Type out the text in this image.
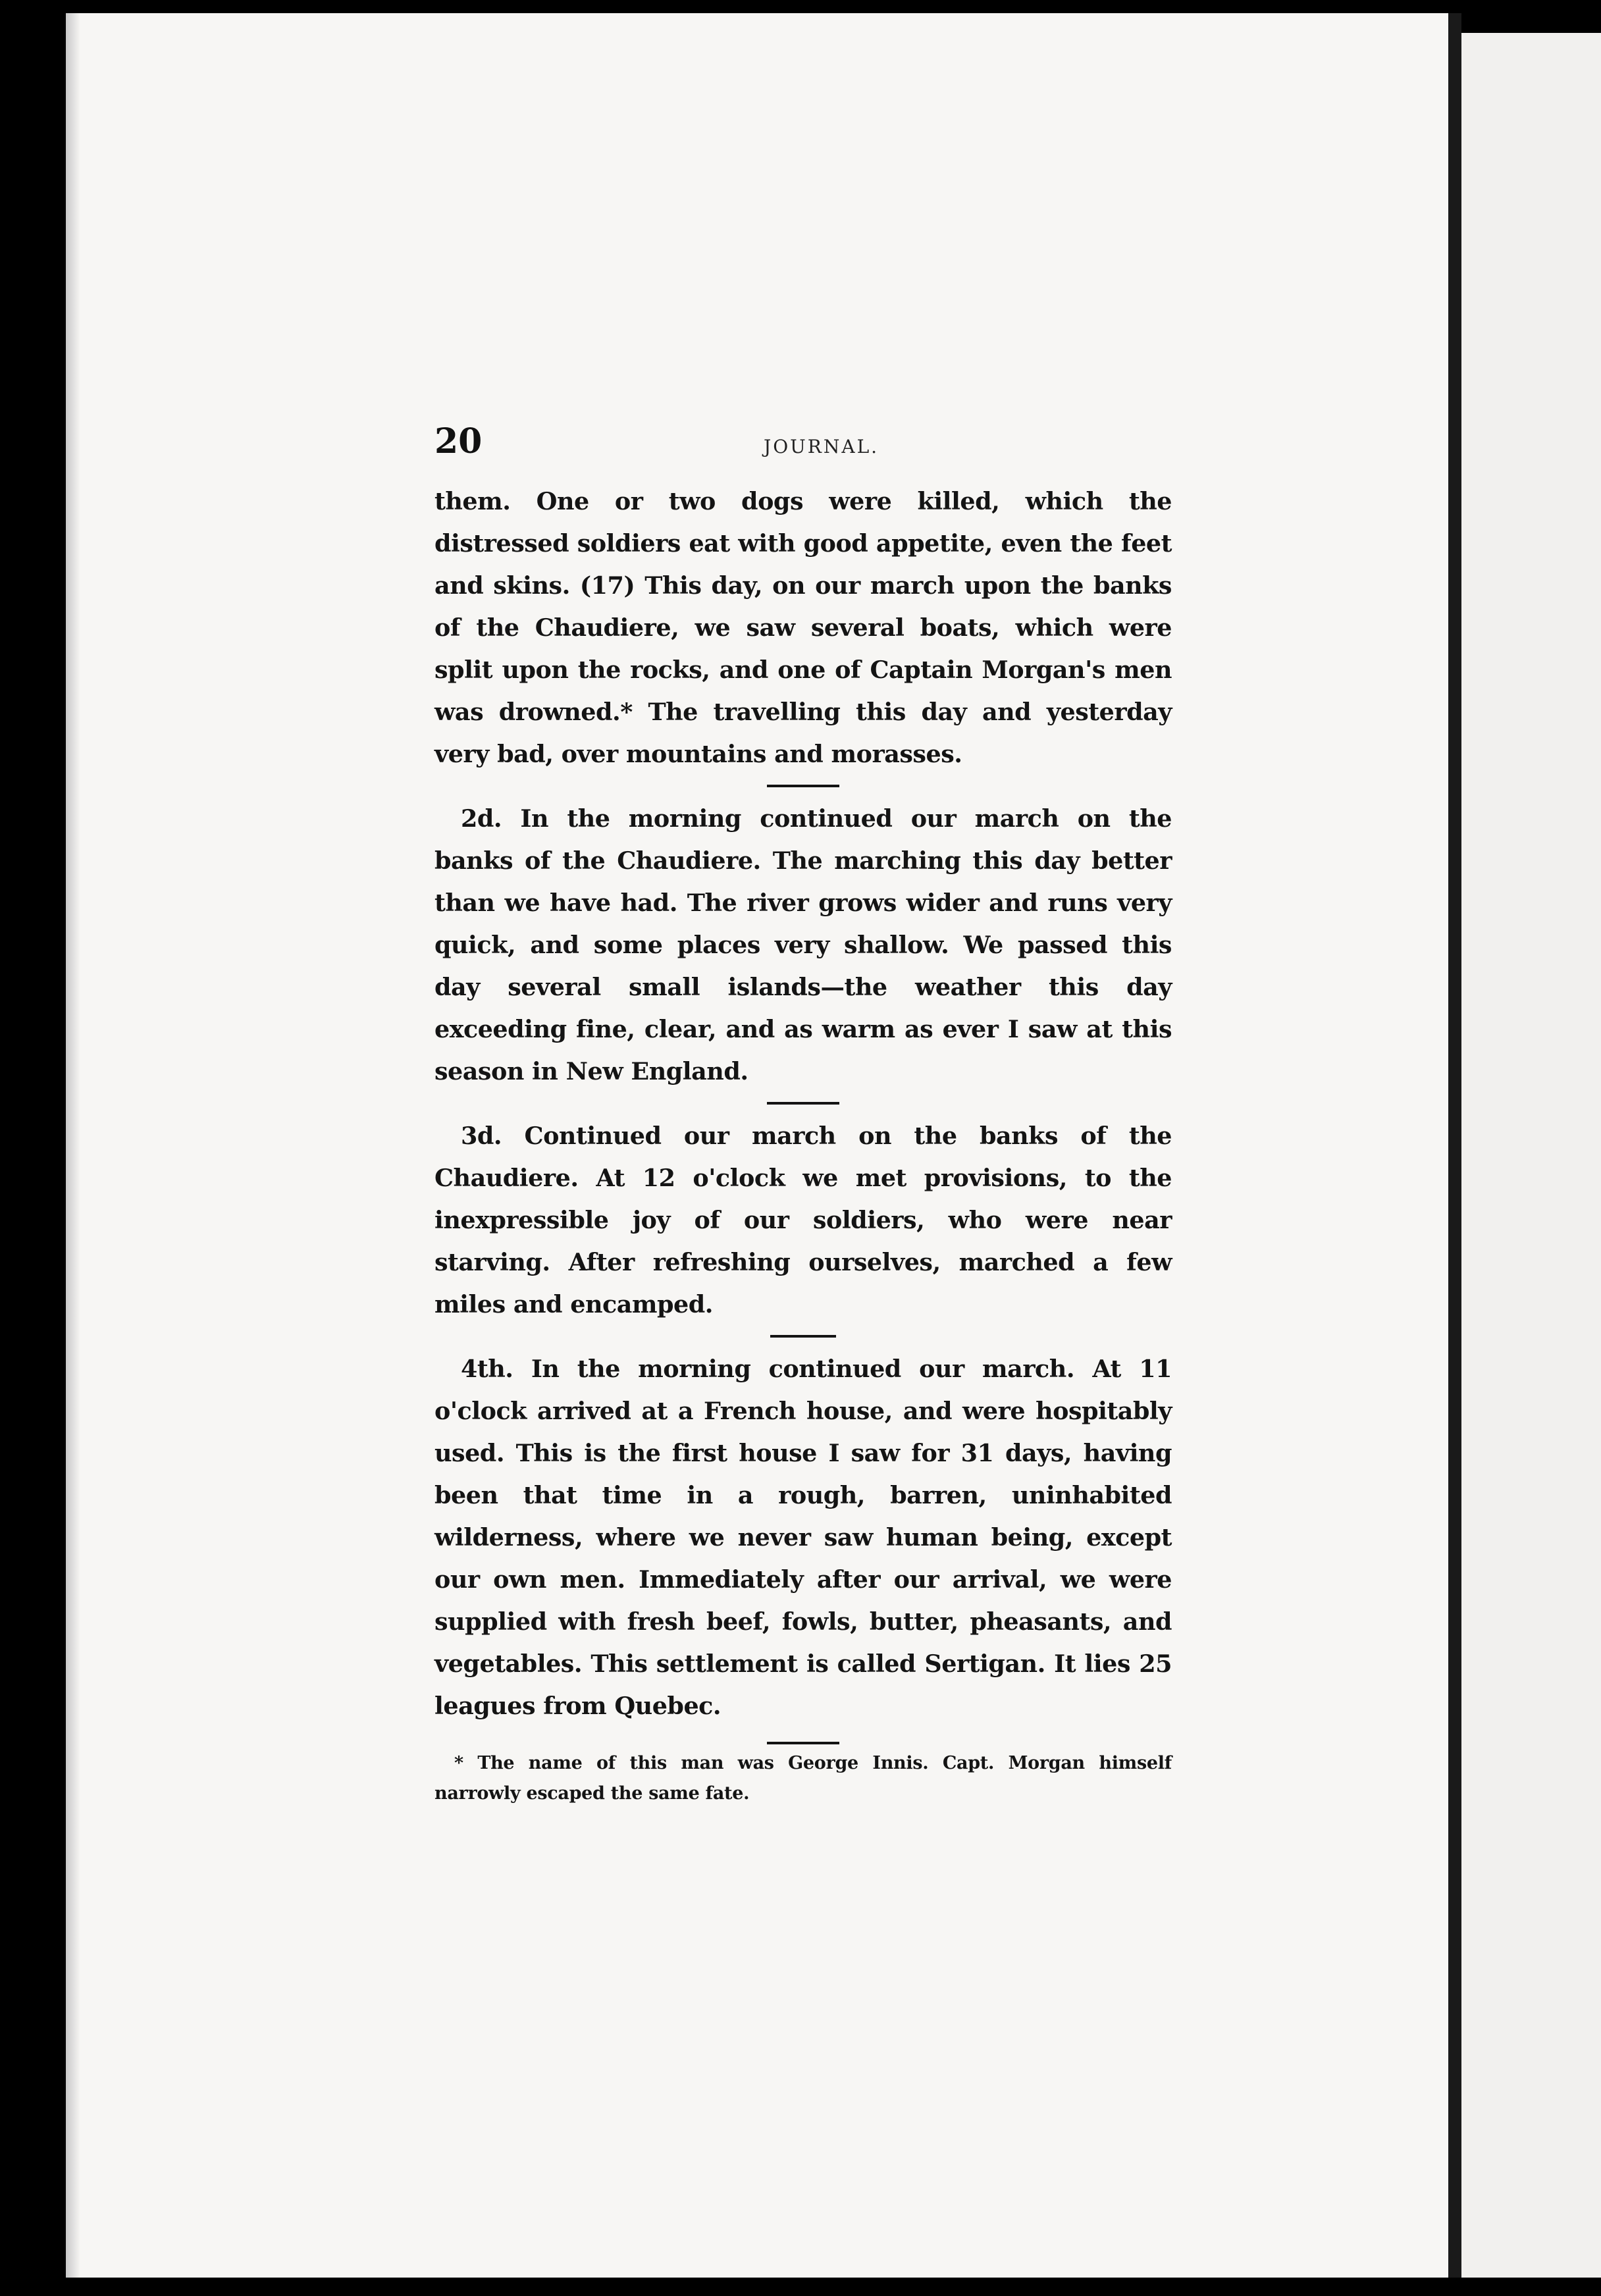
20	JOURNAL.

them. One or two dogs were killed, which the distressed soldiers eat with good appetite, even the feet and skins. (17) This day, on our march upon the banks of the Chaudiere, we saw several boats, which were split upon the rocks, and one of Captain Morgan's men was drowned.* The travelling this day and yesterday very bad, over mountains and morasses.

2d. In the morning continued our march on the banks of the Chaudiere. The marching this day better than we have had. The river grows wider and runs very quick, and some places very shallow. We passed this day several small islands—the weather this day exceeding fine, clear, and as warm as ever I saw at this season in New England.

3d. Continued our march on the banks of the Chaudiere. At 12 o'clock we met provisions, to the inexpressible joy of our soldiers, who were near starving. After refreshing ourselves, marched a few miles and encamped.

4th. In the morning continued our march. At 11 o'clock arrived at a French house, and were hospitably used. This is the first house I saw for 31 days, having been that time in a rough, barren, uninhabited wilderness, where we never saw human being, except our own men. Immediately after our arrival, we were supplied with fresh beef, fowls, butter, pheasants, and vegetables. This settlement is called Sertigan. It lies 25 leagues from Quebec.

* The name of this man was George Innis. Capt. Morgan himself narrowly escaped the same fate.
